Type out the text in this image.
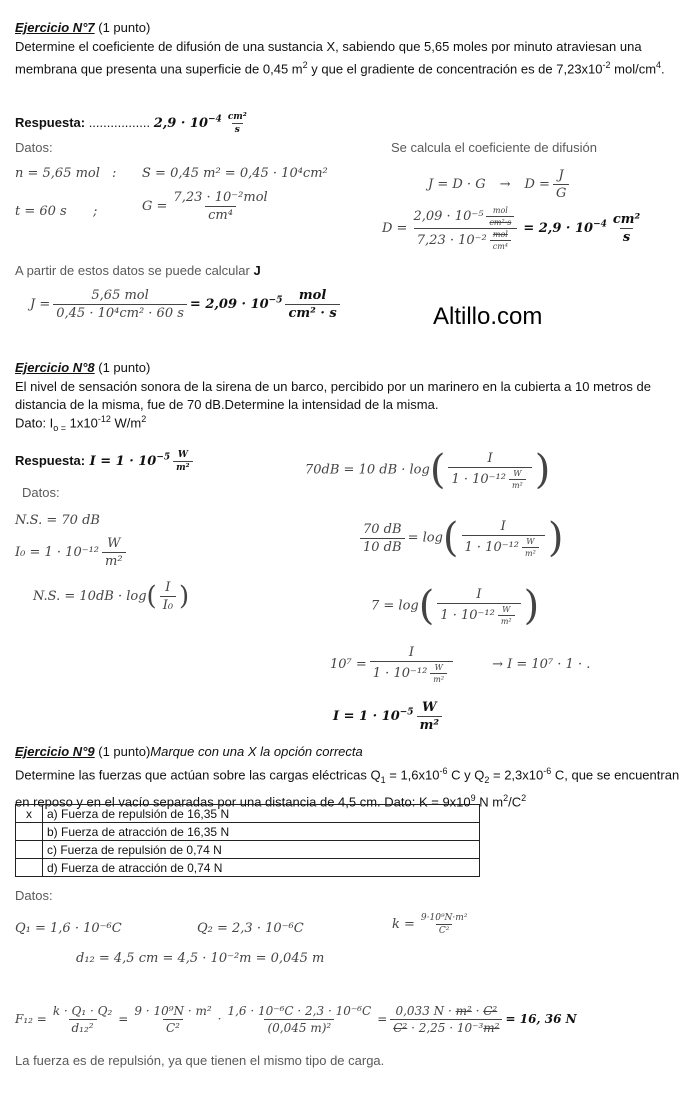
Ejercicio N°7 (1 punto)
Determine el coeficiente de difusión de una sustancia X, sabiendo que 5,65 moles por minuto atraviesan una membrana que presenta una superficie de 0,45 $m^2$ y que el gradiente de concentración es de $7,23x10^{-2}$ mol/$cm^4$.
Respuesta: ................. $2,9 \cdot 10^{-4} \frac{\text{cm²}}{s}$
Datos:
n = 5,65 mol : S = 0,45 m² = 0,45 · 10⁴cm²
t = 60 s ;	$G = \frac{\text{7,23 · 10⁻²mol}}{\text{cm⁴}}$
Se calcula el coeficiente de difusión
$J = D \cdot G \to D = \frac{J}{G}$
$D = \frac{2,09 \cdot 10^{-5} \frac{\text{mol}}{\text{cm²·s}}}{7,23 \cdot 10^{-2} \frac{\text{mol}}{\text{cm⁴}}} = 2,9 \cdot 10^{-4} \frac{\text{cm²}}{s}$
A partir de estos datos se puede calcular J
$J = \frac{\text{5,65 mol}}{\text{0,45 · 10⁴cm² · 60 s}} = 2,09 \cdot 10^{-5} \frac{\text{mol}}{\text{cm² · s}}$	Altillo.com
Ejercicio N°8 (1 punto)
El nivel de sensación sonora de la sirena de un barco, percibido por un marinero en la cubierta a 10 metros de distancia de la misma, fue de 70 dB.Determine la intensidad de la misma.
Dato: $I_{o =}$ $1x10^{-12}$ $W/m^2$
Respuesta: $I = 1 \cdot 10^{-5} \frac{W}{\text{m²}}$
Datos:
N.S. = 70 dB
$I_0 = 1 \cdot 10^{-12} \frac{W}{\text{m²}}$
N.S. = $10dB \cdot \log( \frac{I}{\text{I₀}}$ )
70dB = 10 dB · $\log( \frac{I}{1 \cdot 10^{-12} \frac{W}{\text{m²}}}$ )
$\frac{70 dB}{10 dB} = \log( \frac{I}{1 \cdot 10^{-12} \frac{W}{\text{m²}}}$ )
$7 = \log( \frac{I}{1 \cdot 10^{-12} \frac{W}{\text{m²}}}$ )
$10^7 = \frac{I}{1 \cdot 10^{-12} \frac{W}{\text{m²}}}$	→ I = 10⁷ · 1 · .
$I = 1 \cdot 10^{-5} \frac{W}{\text{m²}}$
Ejercicio N°9 (1 punto)Marque con una X la opción correcta
Determine las fuerzas que actúan sobre las cargas eléctricas $Q_1 = 1,6x10^{-6}$ C y $Q_2 = 2,3x10^{-6}$ C, que se encuentran en reposo y en el vacío separadas por una distancia de 4,5 cm. Dato: $K = 9x10^9$ N $m^2/C^2$
x	a) Fuerza de repulsión de 16,35 N
	b) Fuerza de atracción de 16,35 N
	c) Fuerza de repulsión de 0,74 N
	d) Fuerza de atracción de 0,74 N
Datos:
Q₁ = 1,6 · 10⁻⁶C	Q₂ = 2,3 · 10⁻⁶C	$k = \frac{\text{9·10⁹N·m²}}{\text{C²}}$
d₁₂ = 4,5 cm = 4,5 · 10⁻²m = 0,045 m
$F_{12} = \frac{\text{k · Q₁ · Q₂}}{\text{d₁₂²}} = \frac{\text{9 · 10⁹N · m²}}{\text{C²}} \cdot \frac{\text{1,6 · 10⁻⁶C · 2,3 · 10⁻⁶C}}{\text{(0,045 m)²}} = \frac{\text{0,033 N · m² · C²}}{\text{C² · 2,25 · 10⁻³m²}} = 16$, 36 N
La fuerza es de repulsión, ya que tienen el mismo tipo de carga.
